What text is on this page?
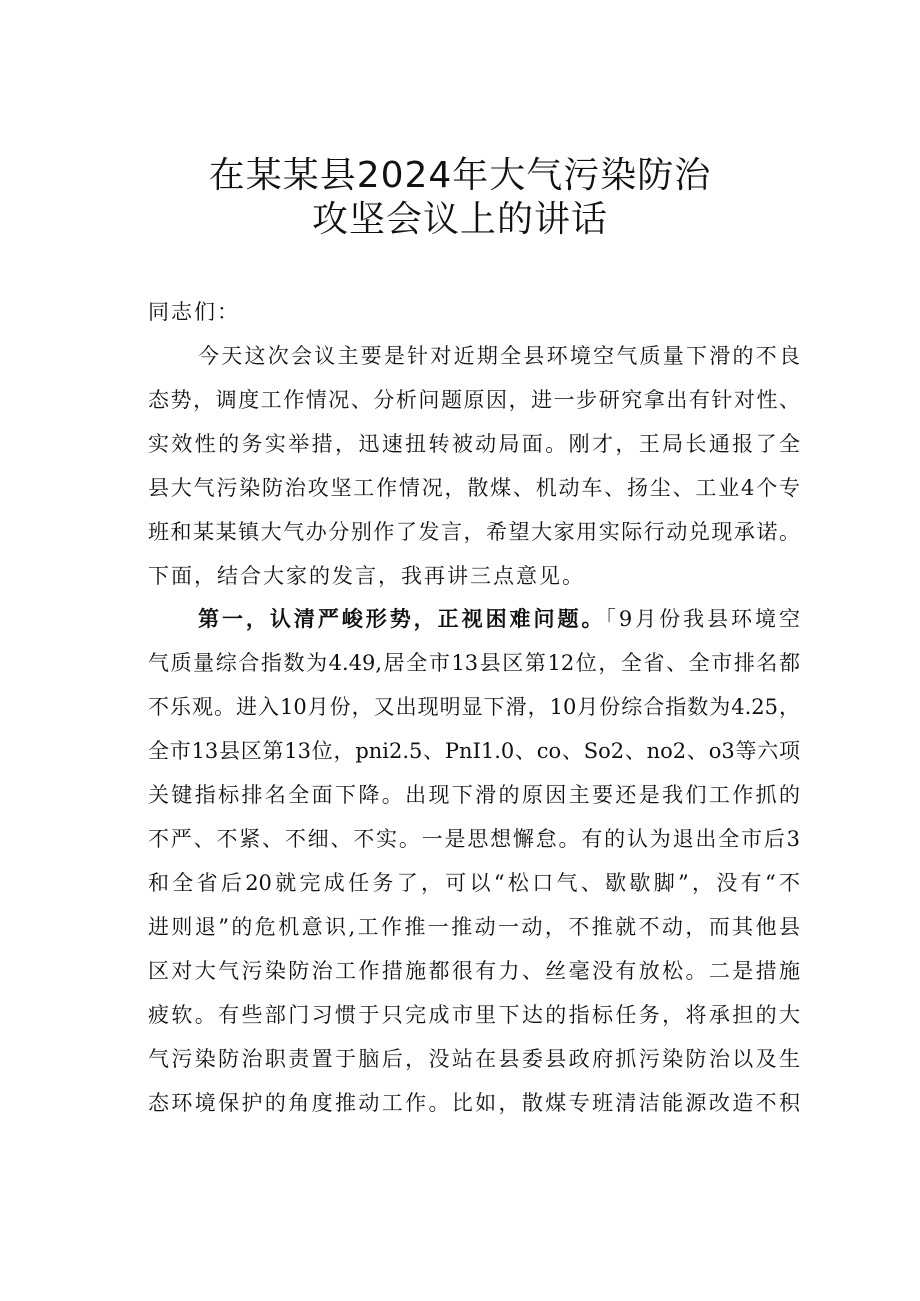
在某某县2024年大气污染防治
攻坚会议上的讲话
同志们：
今天这次会议主要是针对近期全县环境空气质量下滑的不良
态势，调度工作情况、分析问题原因，进一步研究拿出有针对性、
实效性的务实举措，迅速扭转被动局面。刚才，王局长通报了全
县大气污染防治攻坚工作情况，散煤、机动车、扬尘、工业4个专
班和某某镇大气办分别作了发言，希望大家用实际行动兑现承诺。
下面，结合大家的发言，我再讲三点意见。
第一，认清严峻形势，正视困难问题。「9月份我县环境空
气质量综合指数为4.49,居全市13县区第12位，全省、全市排名都
不乐观。进入10月份，又出现明显下滑，10月份综合指数为4.25，
全市13县区第13位，pni2.5、PnI1.0、co、So2、no2、o3等六项
关键指标排名全面下降。出现下滑的原因主要还是我们工作抓的
不严、不紧、不细、不实。一是思想懈怠。有的认为退出全市后3
和全省后20就完成任务了，可以“松口气、歇歇脚”，没有“不
进则退”的危机意识,工作推一推动一动，不推就不动，而其他县
区对大气污染防治工作措施都很有力、丝毫没有放松。二是措施
疲软。有些部门习惯于只完成市里下达的指标任务，将承担的大
气污染防治职责置于脑后，没站在县委县政府抓污染防治以及生
态环境保护的角度推动工作。比如，散煤专班清洁能源改造不积
